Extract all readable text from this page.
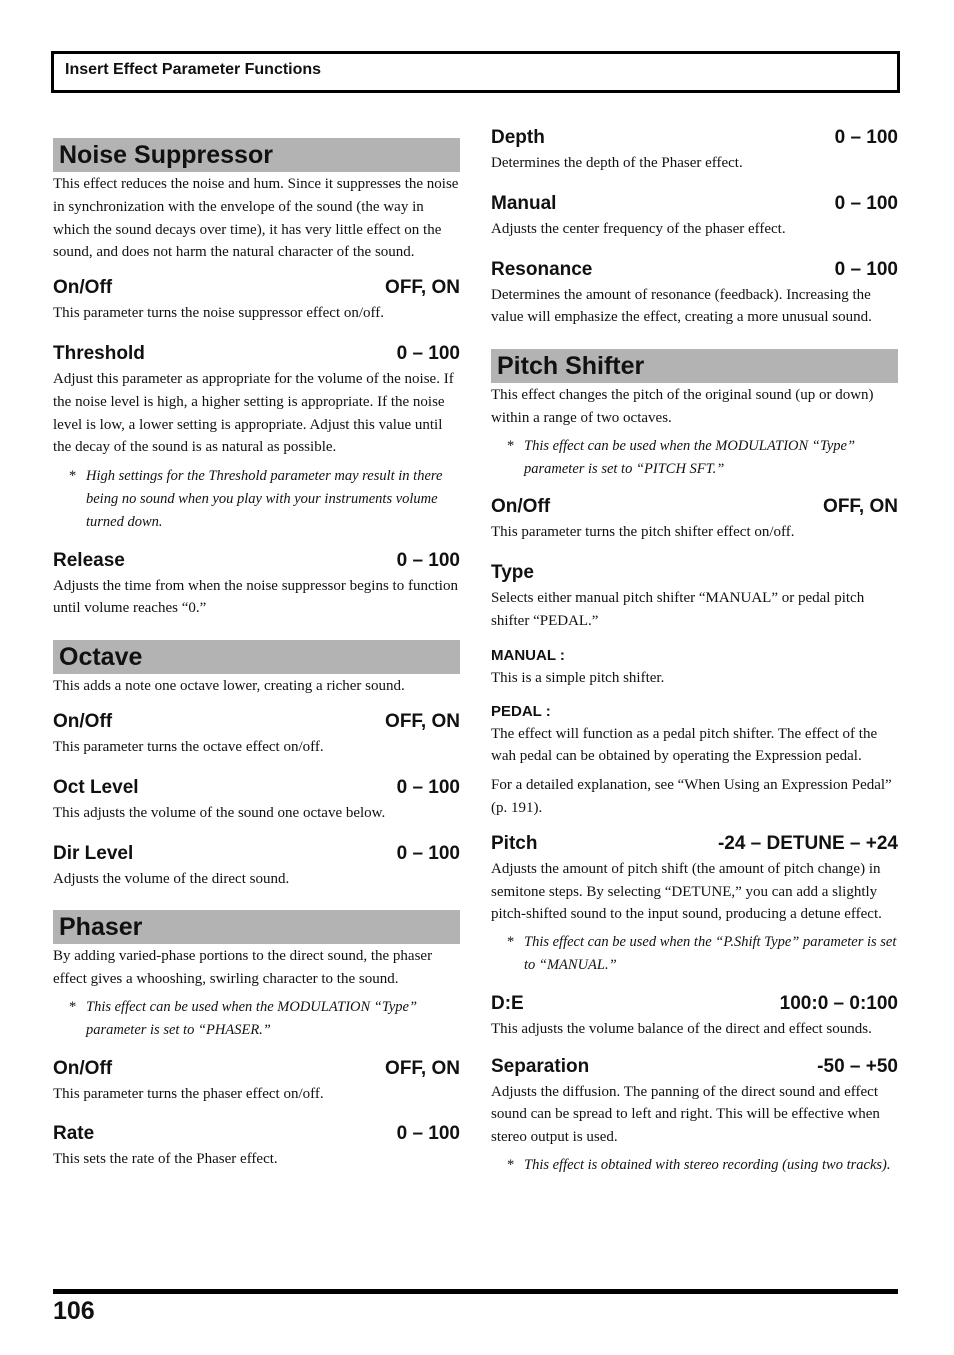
Insert Effect Parameter Functions
Noise Suppressor

This effect reduces the noise and hum. Since it suppresses the noise in synchronization with the envelope of the sound (the way in which the sound decays over time), it has very little effect on the sound, and does not harm the natural character of the sound.

On/Off	OFF, ON

This parameter turns the noise suppressor effect on/off.

Threshold	0 – 100

Adjust this parameter as appropriate for the volume of the noise. If the noise level is high, a higher setting is appropriate. If the noise level is low, a lower setting is appropriate. Adjust this value until the decay of the sound is as natural as possible.

* High settings for the Threshold parameter may result in there being no sound when you play with your instruments volume turned down.

Release	0 – 100

Adjusts the time from when the noise suppressor begins to function until volume reaches “0.”

Octave

This adds a note one octave lower, creating a richer sound.

On/Off	OFF, ON

This parameter turns the octave effect on/off.

Oct Level	0 – 100

This adjusts the volume of the sound one octave below.

Dir Level	0 – 100

Adjusts the volume of the direct sound.

Phaser

By adding varied-phase portions to the direct sound, the phaser effect gives a whooshing, swirling character to the sound.

* This effect can be used when the MODULATION “Type” parameter is set to “PHASER.”

On/Off	OFF, ON

This parameter turns the phaser effect on/off.

Rate	0 – 100

This sets the rate of the Phaser effect.

Depth	0 – 100

Determines the depth of the Phaser effect.

Manual	0 – 100

Adjusts the center frequency of the phaser effect.

Resonance	0 – 100

Determines the amount of resonance (feedback). Increasing the value will emphasize the effect, creating a more unusual sound.

Pitch Shifter

This effect changes the pitch of the original sound (up or down) within a range of two octaves.

* This effect can be used when the MODULATION “Type” parameter is set to “PITCH SFT.”

On/Off	OFF, ON

This parameter turns the pitch shifter effect on/off.

Type

Selects either manual pitch shifter “MANUAL” or pedal pitch shifter “PEDAL.”

MANUAL :

This is a simple pitch shifter.

PEDAL :

The effect will function as a pedal pitch shifter. The effect of the wah pedal can be obtained by operating the Expression pedal.

For a detailed explanation, see “When Using an Expression Pedal” (p. 191).

Pitch	-24 – DETUNE – +24

Adjusts the amount of pitch shift (the amount of pitch change) in semitone steps. By selecting “DETUNE,” you can add a slightly pitch-shifted sound to the input sound, producing a detune effect.

* This effect can be used when the “P.Shift Type” parameter is set to “MANUAL.”

D:E	100:0 – 0:100

This adjusts the volume balance of the direct and effect sounds.

Separation	-50 – +50

Adjusts the diffusion. The panning of the direct sound and effect sound can be spread to left and right. This will be effective when stereo output is used.

* This effect is obtained with stereo recording (using two tracks).

106
